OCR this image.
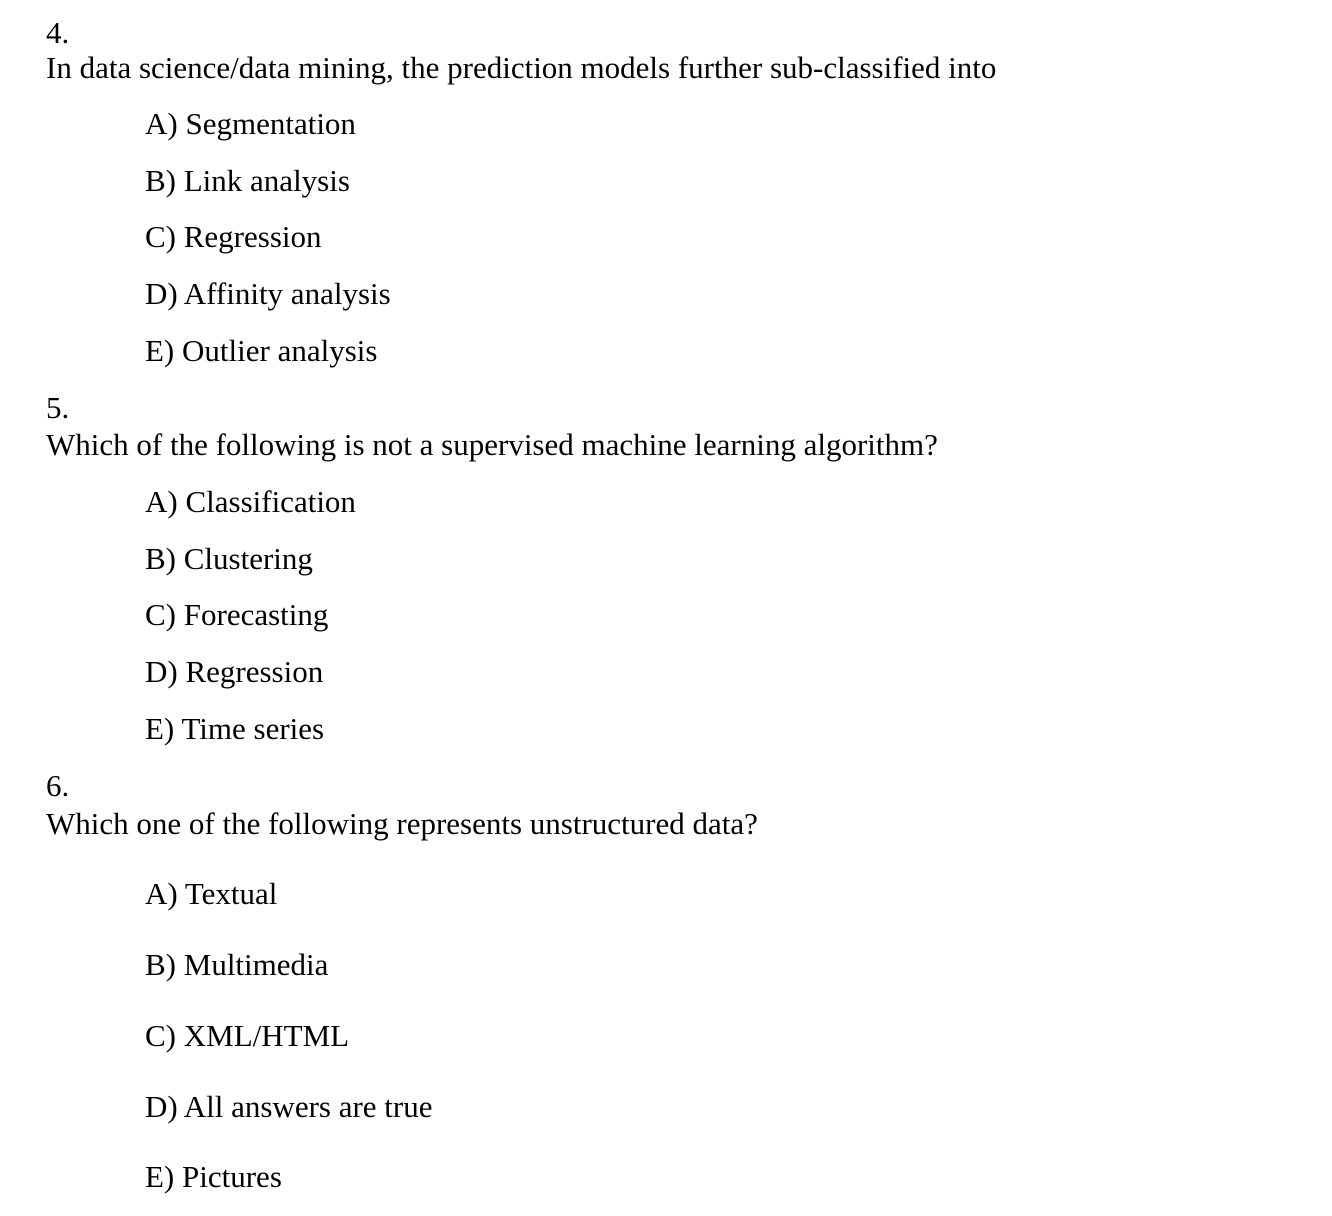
4.
In data science/data mining, the prediction models further sub-classified into
A) Segmentation
B) Link analysis
C) Regression
D) Affinity analysis
E) Outlier analysis
5.
Which of the following is not a supervised machine learning algorithm?
A) Classification
B) Clustering
C) Forecasting
D) Regression
E) Time series
6.
Which one of the following represents unstructured data?
A) Textual
B) Multimedia
C) XML/HTML
D) All answers are true
E) Pictures
